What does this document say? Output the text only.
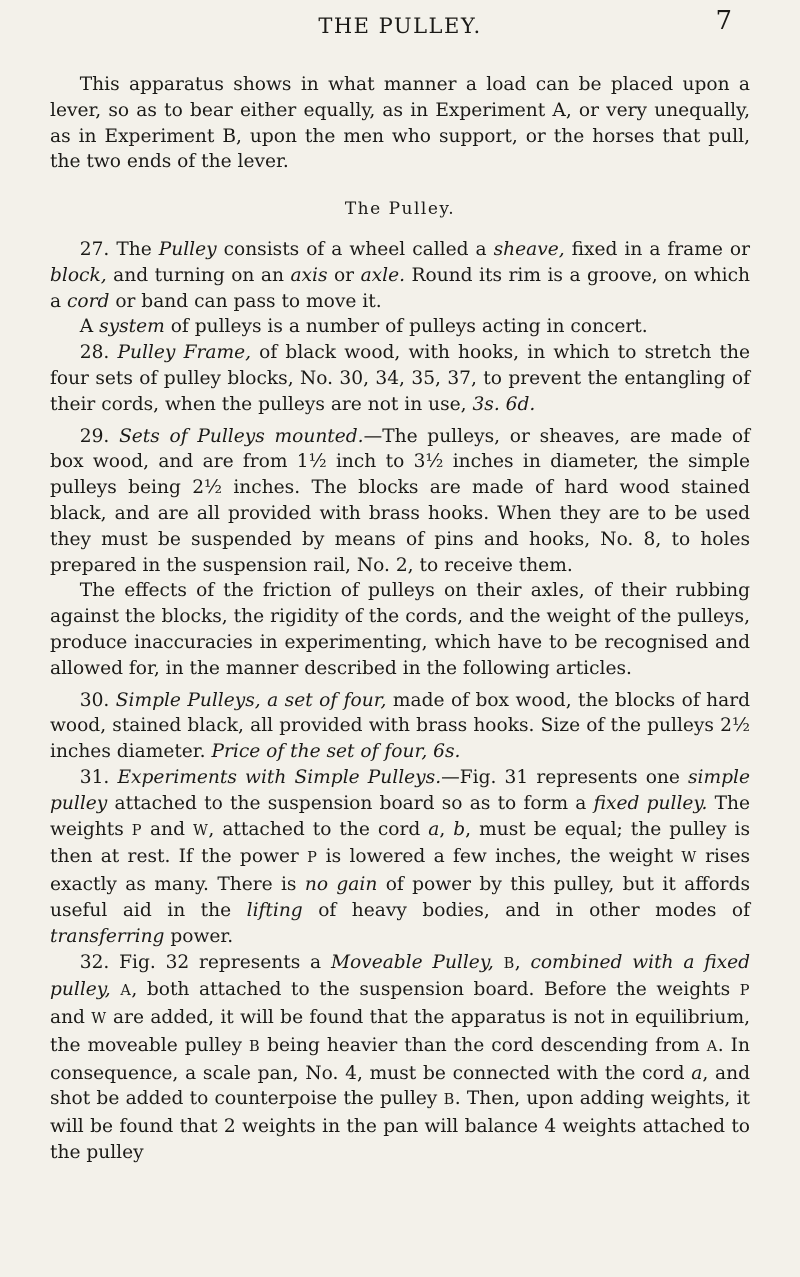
THE PULLEY.	7

This apparatus shows in what manner a load can be placed upon a lever, so as to bear either equally, as in Experiment A, or very unequally, as in Experiment B, upon the men who support, or the horses that pull, the two ends of the lever.

The Pulley.

27. The Pulley consists of a wheel called a sheave, fixed in a frame or block, and turning on an axis or axle. Round its rim is a groove, on which a cord or band can pass to move it.

A system of pulleys is a number of pulleys acting in concert.

28. Pulley Frame, of black wood, with hooks, in which to stretch the four sets of pulley blocks, No. 30, 34, 35, 37, to prevent the entangling of their cords, when the pulleys are not in use, 3s. 6d.

29. Sets of Pulleys mounted.—The pulleys, or sheaves, are made of box wood, and are from 1½ inch to 3½ inches in diameter, the simple pulleys being 2½ inches. The blocks are made of hard wood stained black, and are all provided with brass hooks. When they are to be used they must be suspended by means of pins and hooks, No. 8, to holes prepared in the suspension rail, No. 2, to receive them.

The effects of the friction of pulleys on their axles, of their rubbing against the blocks, the rigidity of the cords, and the weight of the pulleys, produce inaccuracies in experimenting, which have to be recognised and allowed for, in the manner described in the following articles.

30. Simple Pulleys, a set of four, made of box wood, the blocks of hard wood, stained black, all provided with brass hooks. Size of the pulleys 2½ inches diameter. Price of the set of four, 6s.

31. Experiments with Simple Pulleys.—Fig. 31 represents one simple pulley attached to the suspension board so as to form a fixed pulley. The weights P and W, attached to the cord a, b, must be equal; the pulley is then at rest. If the power P is lowered a few inches, the weight W rises exactly as many. There is no gain of power by this pulley, but it affords useful aid in the lifting of heavy bodies, and in other modes of transferring power.

32. Fig. 32 represents a Moveable Pulley, B, combined with a fixed pulley, A, both attached to the suspension board. Before the weights P and W are added, it will be found that the apparatus is not in equilibrium, the moveable pulley B being heavier than the cord descending from A. In consequence, a scale pan, No. 4, must be connected with the cord a, and shot be added to counterpoise the pulley B. Then, upon adding weights, it will be found that 2 weights in the pan will balance 4 weights attached to the pulley
